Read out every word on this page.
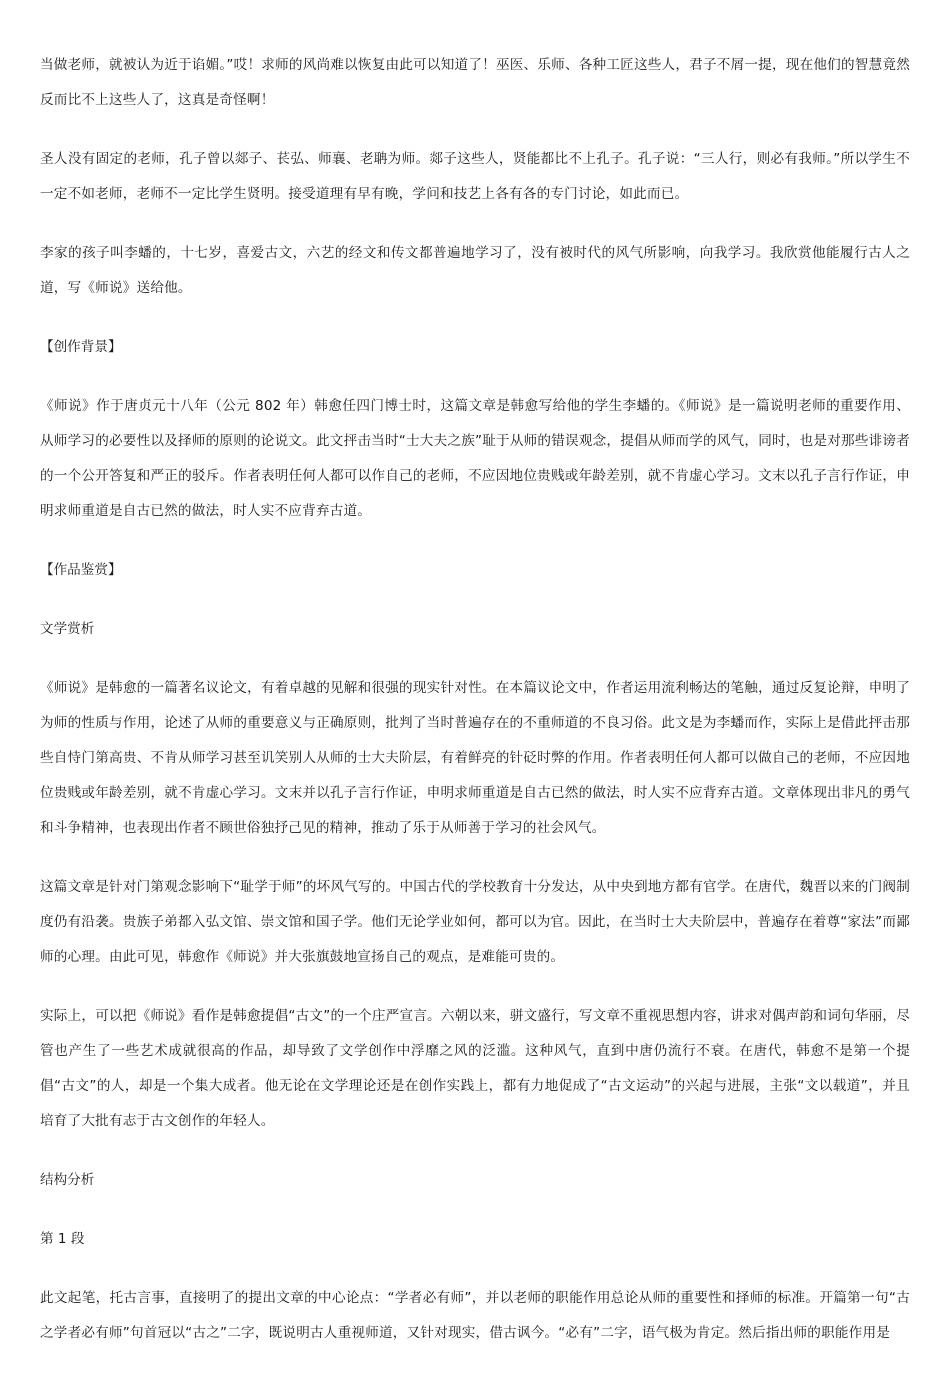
当做老师，就被认为近于谄媚。”哎！求师的风尚难以恢复由此可以知道了！巫医、乐师、各种工匠这些人，君子不屑一提，现在他们的智慧竟然反而比不上这些人了，这真是奇怪啊！

圣人没有固定的老师，孔子曾以郯子、苌弘、师襄、老聃为师。郯子这些人，贤能都比不上孔子。孔子说：“三人行，则必有我师。”所以学生不一定不如老师，老师不一定比学生贤明。接受道理有早有晚，学问和技艺上各有各的专门讨论，如此而已。

李家的孩子叫李蟠的，十七岁，喜爱古文，六艺的经文和传文都普遍地学习了，没有被时代的风气所影响，向我学习。我欣赏他能履行古人之道，写《师说》送给他。

【创作背景】

《师说》作于唐贞元十八年（公元 802 年）韩愈任四门博士时，这篇文章是韩愈写给他的学生李蟠的。《师说》是一篇说明老师的重要作用、从师学习的必要性以及择师的原则的论说文。此文抨击当时“士大夫之族”耻于从师的错误观念，提倡从师而学的风气，同时，也是对那些诽谤者的一个公开答复和严正的驳斥。作者表明任何人都可以作自己的老师，不应因地位贵贱或年龄差别，就不肯虚心学习。文末以孔子言行作证，申明求师重道是自古已然的做法，时人实不应背弃古道。

【作品鉴赏】

文学赏析

《师说》是韩愈的一篇著名议论文，有着卓越的见解和很强的现实针对性。在本篇议论文中，作者运用流利畅达的笔触，通过反复论辩，申明了为师的性质与作用，论述了从师的重要意义与正确原则，批判了当时普遍存在的不重师道的不良习俗。此文是为李蟠而作，实际上是借此抨击那些自恃门第高贵、不肯从师学习甚至讥笑别人从师的士大夫阶层，有着鲜亮的针砭时弊的作用。作者表明任何人都可以做自己的老师，不应因地位贵贱或年龄差别，就不肯虚心学习。文末并以孔子言行作证，申明求师重道是自古已然的做法，时人实不应背弃古道。文章体现出非凡的勇气和斗争精神，也表现出作者不顾世俗独抒己见的精神，推动了乐于从师善于学习的社会风气。

这篇文章是针对门第观念影响下“耻学于师”的坏风气写的。中国古代的学校教育十分发达，从中央到地方都有官学。在唐代，魏晋以来的门阀制度仍有沿袭。贵族子弟都入弘文馆、崇文馆和国子学。他们无论学业如何，都可以为官。因此，在当时士大夫阶层中，普遍存在着尊“家法”而鄙师的心理。由此可见，韩愈作《师说》并大张旗鼓地宣扬自己的观点，是难能可贵的。

实际上，可以把《师说》看作是韩愈提倡“古文”的一个庄严宣言。六朝以来，骈文盛行，写文章不重视思想内容，讲求对偶声韵和词句华丽，尽管也产生了一些艺术成就很高的作品，却导致了文学创作中浮靡之风的泛滥。这种风气，直到中唐仍流行不衰。在唐代，韩愈不是第一个提倡“古文”的人，却是一个集大成者。他无论在文学理论还是在创作实践上，都有力地促成了“古文运动”的兴起与进展，主张“文以载道”，并且培育了大批有志于古文创作的年轻人。

结构分析

第 1 段

此文起笔，托古言事，直接明了的提出文章的中心论点：“学者必有师”，并以老师的职能作用总论从师的重要性和择师的标准。开篇第一句“古之学者必有师”句首冠以“古之”二字，既说明古人重视师道，又针对现实，借古讽今。“必有”二字，语气极为肯定。然后指出师的职能作用是
